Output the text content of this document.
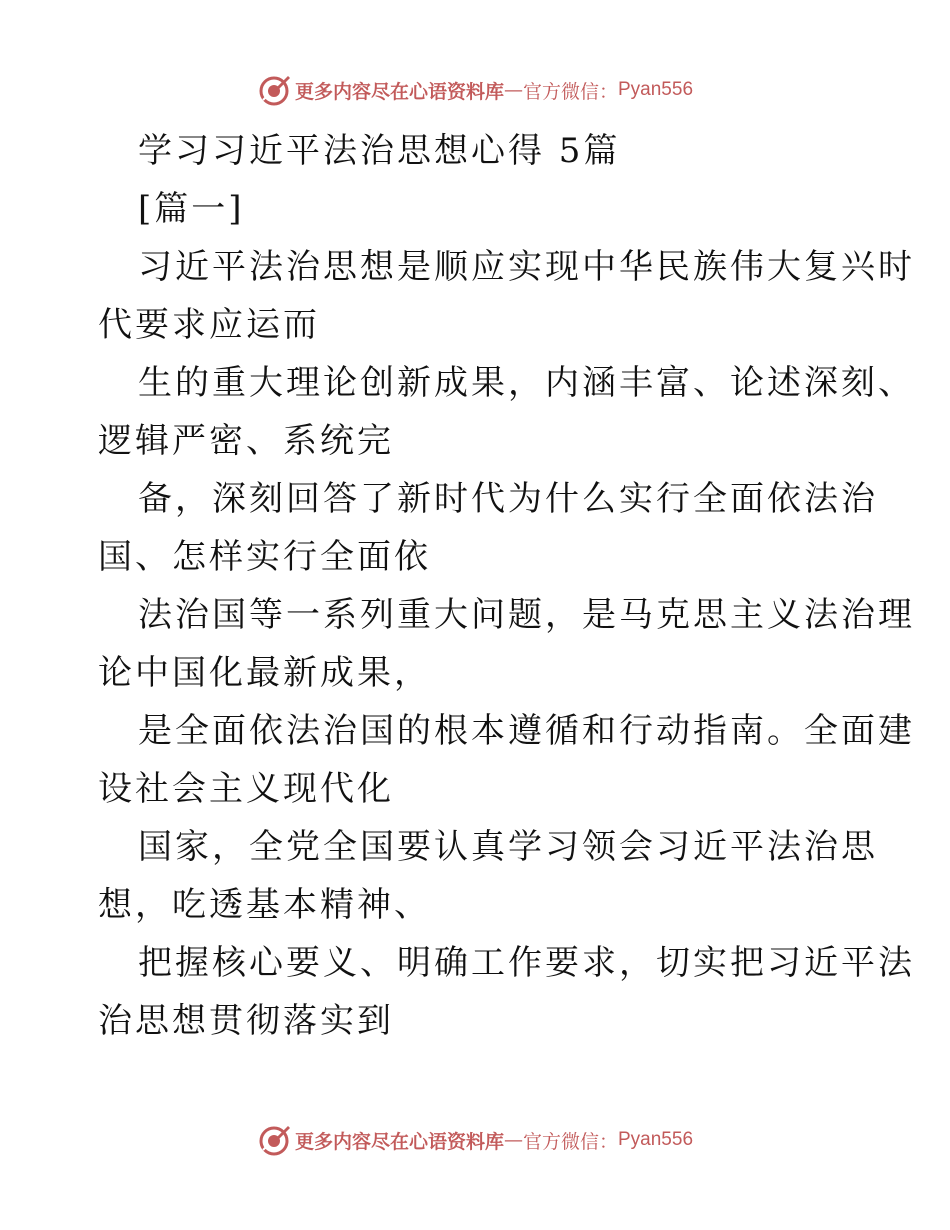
更多内容尽在心语资料库 — 官方微信： Pyan556
学习习近平法治思想心得 5篇
[篇一]
习近平法治思想是顺应实现中华民族伟大复兴时
代要求应运而
生的重大理论创新成果，内涵丰富、论述深刻、
逻辑严密、系统完
备，深刻回答了新时代为什么实行全面依法治
国、怎样实行全面依
法治国等一系列重大问题，是马克思主义法治理
论中国化最新成果，
是全面依法治国的根本遵循和行动指南。全面建
设社会主义现代化
国家，全党全国要认真学习领会习近平法治思
想，吃透基本精神、
把握核心要义、明确工作要求，切实把习近平法
治思想贯彻落实到
更多内容尽在心语资料库 — 官方微信： Pyan556
